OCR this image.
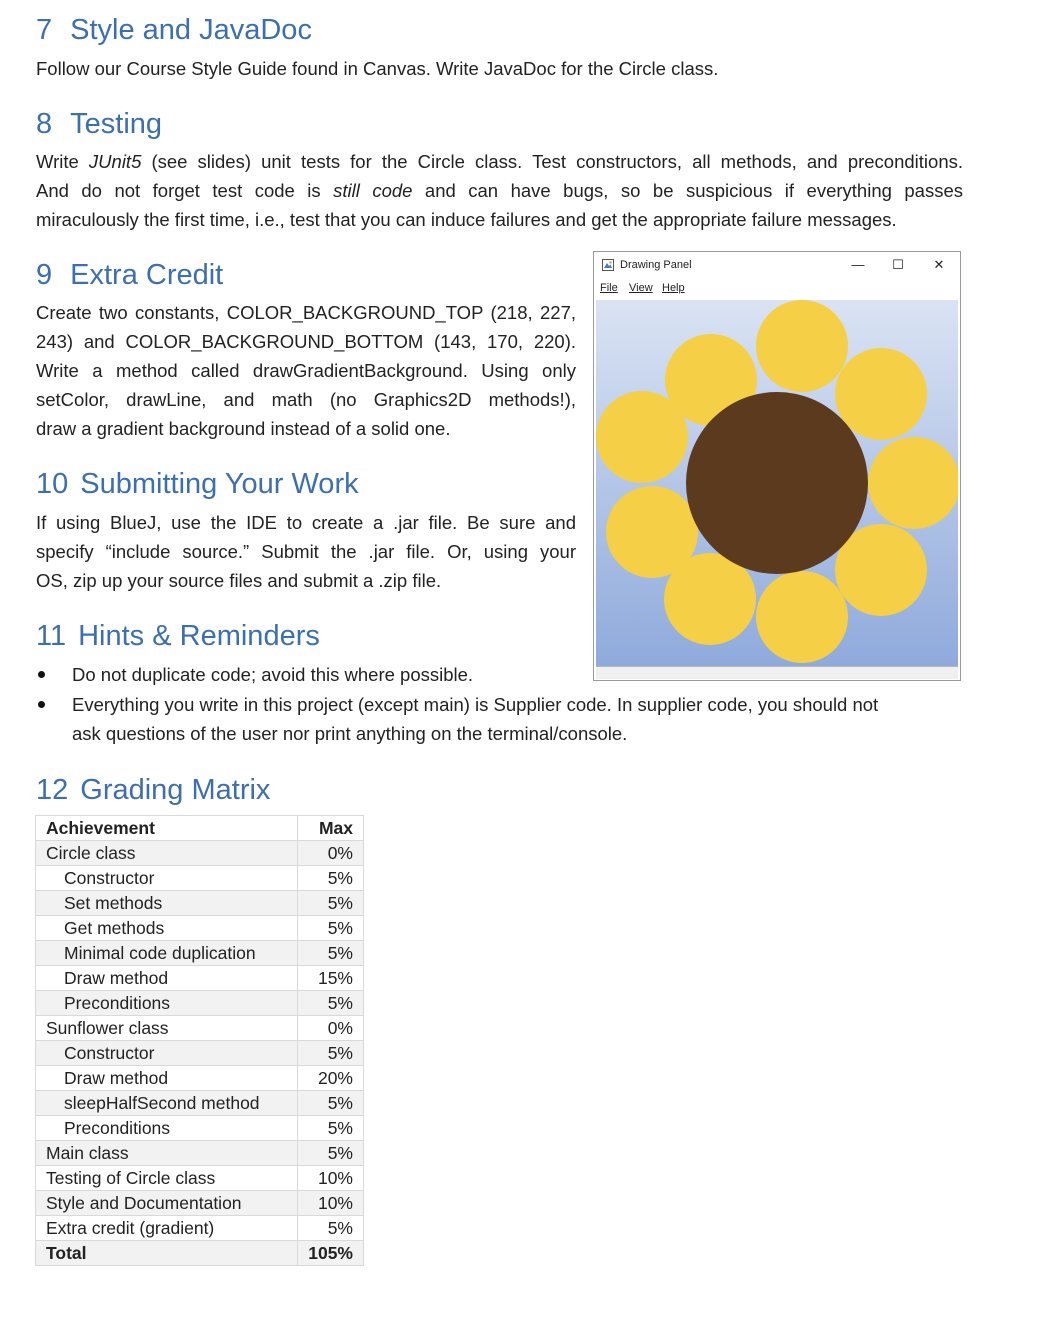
7 Style and JavaDoc

Follow our Course Style Guide found in Canvas. Write JavaDoc for the Circle class.

8 Testing

Write JUnit5 (see slides) unit tests for the Circle class. Test constructors, all methods, and preconditions.

And do not forget test code is still code and can have bugs, so be suspicious if everything passes

miraculously the first time, i.e., test that you can induce failures and get the appropriate failure messages.

9 Extra Credit

Create two constants, COLOR_BACKGROUND_TOP (218, 227,

243) and COLOR_BACKGROUND_BOTTOM (143, 170, 220).

Write a method called drawGradientBackground. Using only

setColor, drawLine, and math (no Graphics2D methods!),

draw a gradient background instead of a solid one.

10 Submitting Your Work

If using BlueJ, use the IDE to create a .jar file. Be sure and

specify “include source.” Submit the .jar file. Or, using your

OS, zip up your source files and submit a .zip file.

11 Hints & Reminders
Do not duplicate code; avoid this where possible.
Everything you write in this project (except main) is Supplier code. In supplier code, you should not
ask questions of the user nor print anything on the terminal/console.
12 Grading Matrix
Drawing Panel	—	☐	✕
File View Help
Achievement	Max
Circle class	0%
Constructor	5%
Set methods	5%
Get methods	5%
Minimal code duplication	5%
Draw method	15%
Preconditions	5%
Sunflower class	0%
Constructor	5%
Draw method	20%
sleepHalfSecond method	5%
Preconditions	5%
Main class	5%
Testing of Circle class	10%
Style and Documentation	10%
Extra credit (gradient)	5%
Total	105%
